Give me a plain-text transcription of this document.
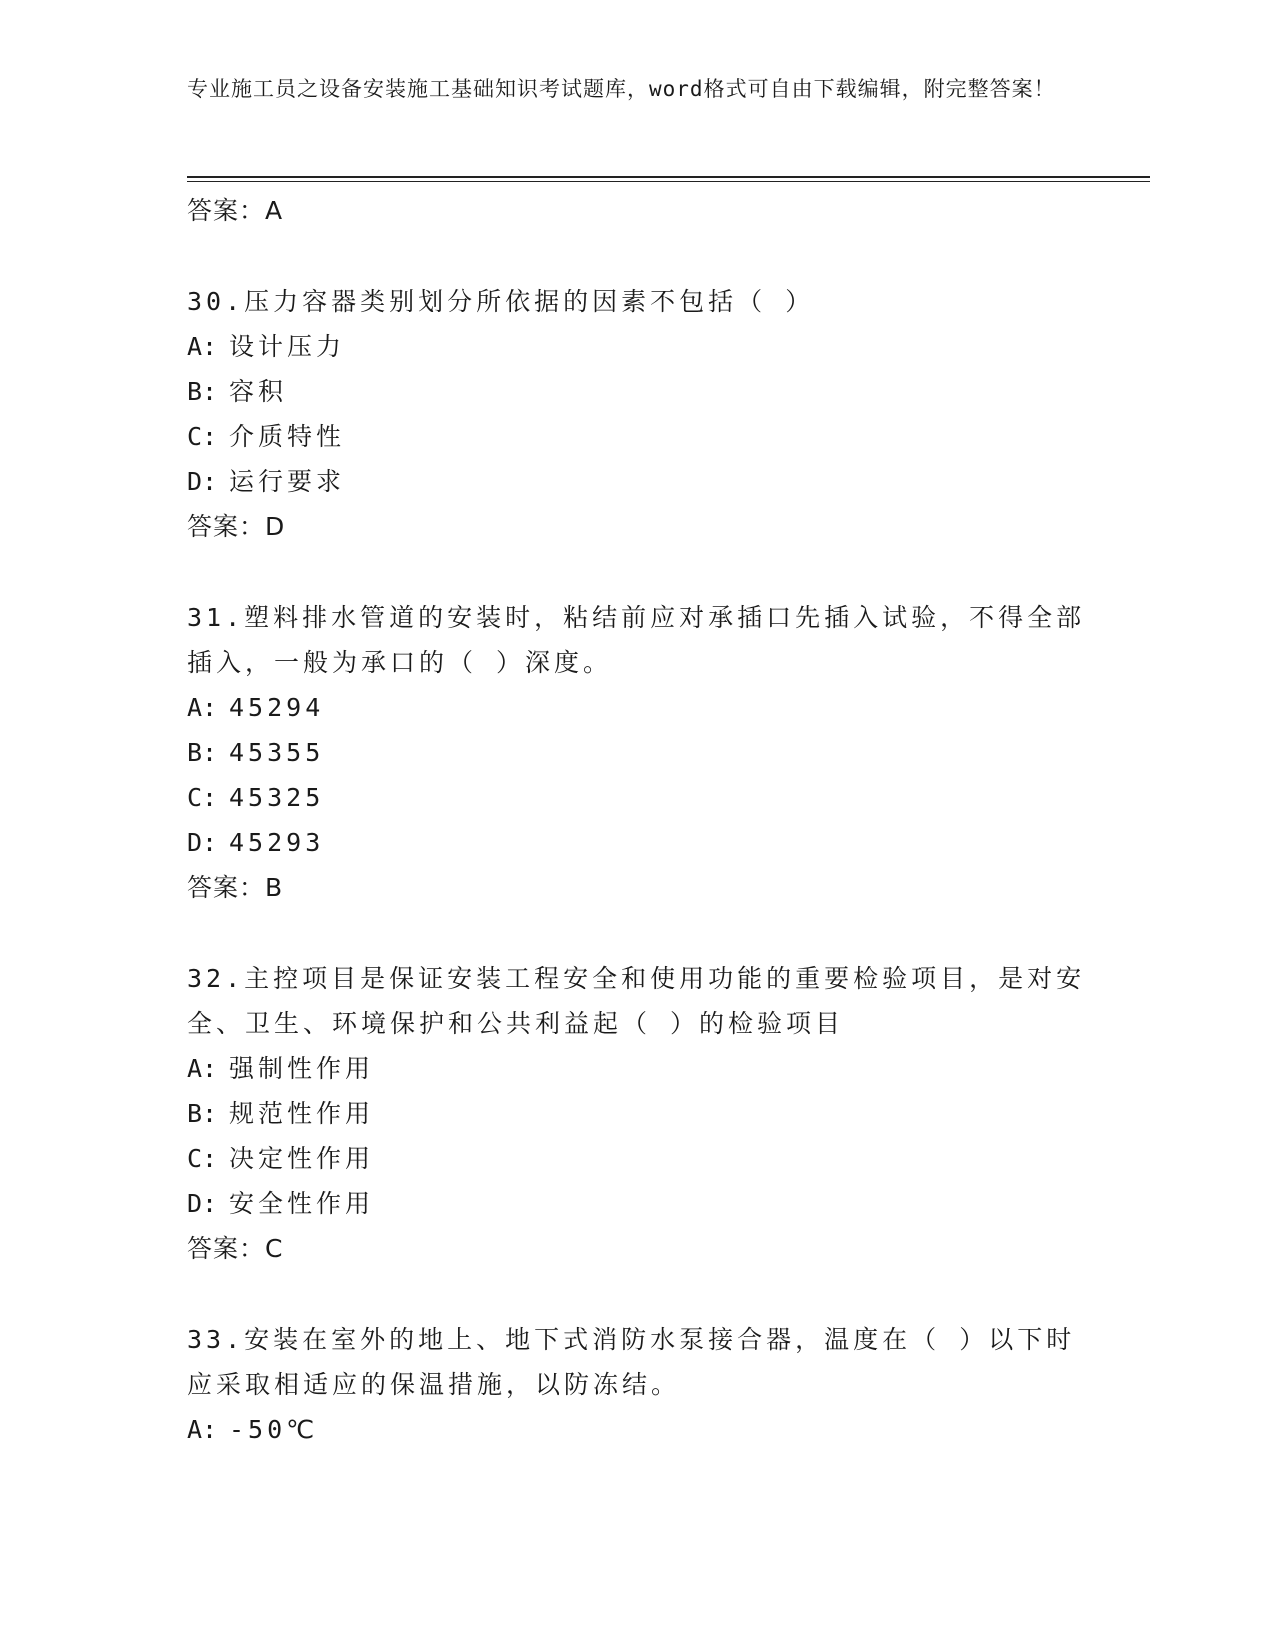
专业施工员之设备安装施工基础知识考试题库，word格式可自由下载编辑，附完整答案！
答案：A
30.压力容器类别划分所依据的因素不包括（ ）
A: 设计压力
B: 容积
C: 介质特性
D: 运行要求
答案：D
31.塑料排水管道的安装时，粘结前应对承插口先插入试验，不得全部插入，一般为承口的（ ）深度。
A: 45294
B: 45355
C: 45325
D: 45293
答案：B
32.主控项目是保证安装工程安全和使用功能的重要检验项目，是对安全、卫生、环境保护和公共利益起（ ）的检验项目
A: 强制性作用
B: 规范性作用
C: 决定性作用
D: 安全性作用
答案：C
33.安装在室外的地上、地下式消防水泵接合器，温度在（ ）以下时应采取相适应的保温措施，以防冻结。
A: -50℃
